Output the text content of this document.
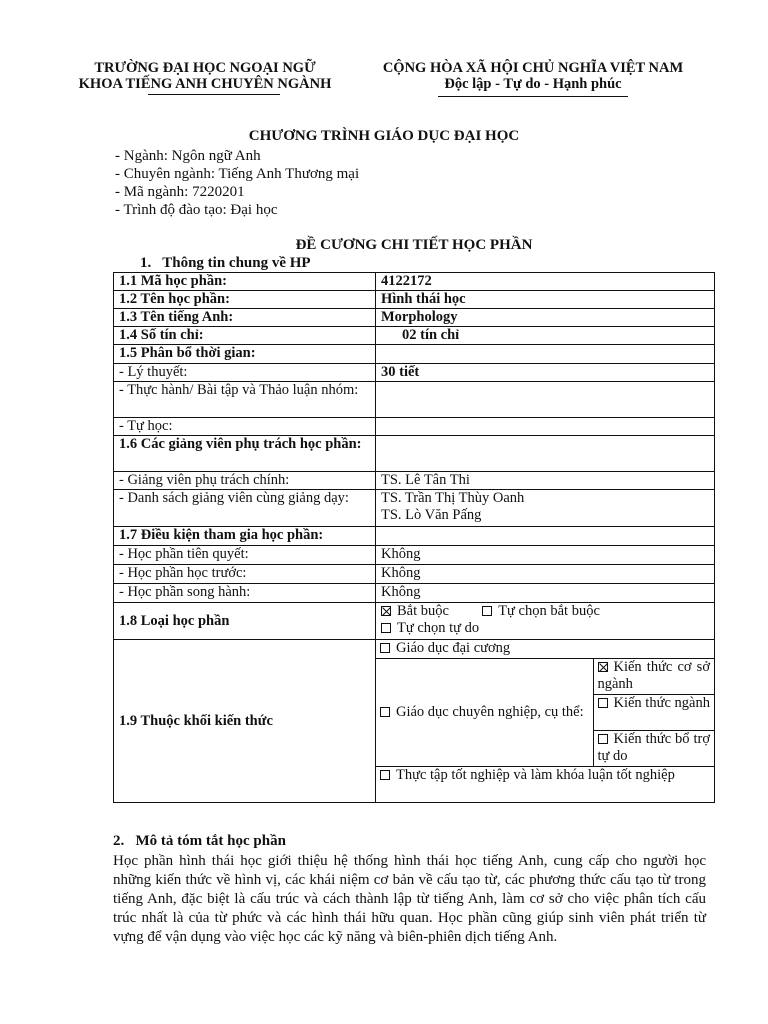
TRƯỜNG ĐẠI HỌC NGOẠI NGỮ
KHOA TIẾNG ANH CHUYÊN NGÀNH
CỘNG HÒA XÃ HỘI CHỦ NGHĨA VIỆT NAM
Độc lập - Tự do - Hạnh phúc
CHƯƠNG TRÌNH GIÁO DỤC ĐẠI HỌC
- Ngành: Ngôn ngữ Anh
- Chuyên ngành: Tiếng Anh Thương mại
- Mã ngành: 7220201
- Trình độ đào tạo: Đại học
ĐỀ CƯƠNG CHI TIẾT HỌC PHẦN
1.   Thông tin chung về HP
1.1 Mã học phần:	4122172
1.2 Tên học phần:	Hình thái học
1.3 Tên tiếng Anh:	Morphology
1.4 Số tín chỉ:	02 tín chỉ
1.5 Phân bổ thời gian:	
- Lý thuyết:	30 tiết
- Thực hành/ Bài tập và Thảo luận nhóm:	
- Tự học:	
1.6 Các giảng viên phụ trách học phần:	
- Giảng viên phụ trách chính:	TS. Lê Tân Thi
- Danh sách giảng viên cùng giảng dạy:	TS. Trần Thị Thùy Oanh
TS. Lò Văn Pấng

1.7 Điều kiện tham gia học phần:	
- Học phần tiên quyết:	Không
- Học phần học trước:	Không
- Học phần song hành:	Không
1.8 Loại học phần	
Bắt buộc	Tự chọn bắt buộc
Tự chọn tự do

1.9 Thuộc khối kiến thức	
Giáo dục đại cương
Giáo dục chuyên nghiệp, cụ thể:	Kiến thức cơ sở ngành
Kiến thức ngành
Kiến thức bổ trợ tự do
Thực tập tốt nghiệp và làm khóa luận tốt nghiệp
2.   Mô tả tóm tắt học phần
Học phần hình thái học giới thiệu hệ thống hình thái học tiếng Anh, cung cấp cho người học những kiến thức về hình vị, các khái niệm cơ bản về cấu tạo từ, các phương thức cấu tạo từ trong tiếng Anh, đặc biệt là cấu trúc và cách thành lập từ tiếng Anh, làm cơ sở cho việc phân tích cấu trúc nhất là của từ phức và các hình thái hữu quan. Học phần cũng giúp sinh viên phát triển từ vựng để vận dụng vào việc học các kỹ năng và biên-phiên dịch tiếng Anh.
